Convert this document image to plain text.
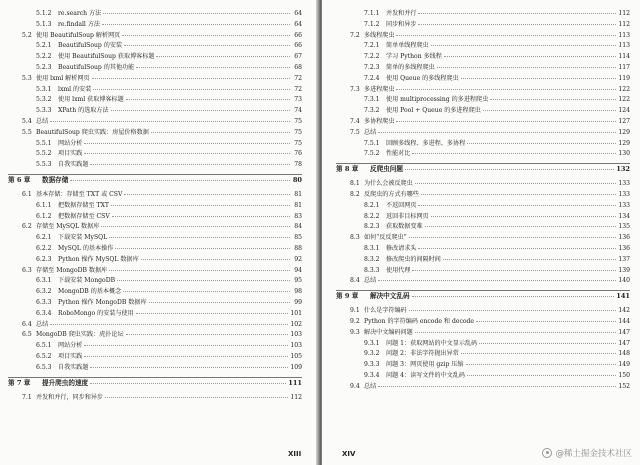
5.1.2	re.search 方法	64
5.1.3	re.findall 方法	64
5.2 使用 BeautifulSoup 解析网页	66
5.2.1	BeautifulSoup 的安装	66
5.2.2	使用 BeautifulSoup 获取博客标题	67
5.2.3	BeautifulSoup 的其他功能	68
5.3 使用 lxml 解析网页	72
5.3.1	lxml 的安装	72
5.3.2	使用 lxml 获取博客标题	73
5.3.3	XPath 的选取方法	74
5.4 总结	75
5.5 BeautifulSoup 爬虫实践：房屋价格数据	75
5.5.1	网站分析	75
5.5.2	项目实践	76
5.5.3	自我实践题	78
第 6 章	数据存储	80
6.1 基本存储：存储至 TXT 或 CSV	81
6.1.1	把数据存储至 TXT	81
6.1.2	把数据存储至 CSV	83
6.2 存储至 MySQL 数据库	84
6.2.1	下载安装 MySQL	85
6.2.2	MySQL 的基本操作	88
6.2.3	Python 操作 MySQL 数据库	92
6.3 存储至 MongoDB 数据库	94
6.3.1	下载安装 MongoDB	95
6.3.2	MongoDB 的基本概念	98
6.3.3	Python 操作 MongoDB 数据库	99
6.3.4	RoboMongo 的安装与使用	101
6.4 总结	102
6.5 MongoDB 爬虫实践：虎扑论坛	103
6.5.1	网站分析	103
6.5.2	项目实践	105
6.5.3	自我实践题	109
第 7 章	提升爬虫的速度	111
7.1 并发和并行，同步和异步	112
XIII
7.1.1	并发和并行	112
7.1.2	同步和异步	112
7.2 多线程爬虫	113
7.2.1	简单单线程爬虫	113
7.2.2	学习 Python 多线程	114
7.2.3	简单的多线程爬虫	117
7.2.4	使用 Queue 的多线程爬虫	119
7.3 多进程爬虫	122
7.3.1	使用 multiprocessing 的多进程爬虫	122
7.3.2	使用 Pool + Queue 的多进程爬虫	124
7.4 多协程爬虫	127
7.5 总结	129
7.5.1	回顾多线程、多进程、多协程	129
7.5.2	性能对比	130
第 8 章	反爬虫问题	132
8.1 为什么会被反爬虫	133
8.2 反爬虫的方式有哪些	133
8.2.1	不返回网页	133
8.2.2	返回非目标网页	134
8.2.3	获取数据变难	135
8.3 如何“反反爬虫”	136
8.3.1	修改请求头	136
8.3.2	修改爬虫的间隔时间	137
8.3.3	使用代理	139
8.4 总结	140
第 9 章	解决中文乱码	141
9.1 什么是字符编码	142
9.2 Python 的字符编码 encode 和 decode	144
9.3 解决中文编码问题	147
9.3.1	问题 1：获取网站的中文显示乱码	147
9.3.2	问题 2：非法字符抛出异常	148
9.3.3	问题 3：网页使用 gzip 压缩	149
9.3.4	问题 4：读写文件的中文乱码	150
9.4 总结	152
XIV	@稀土掘金技术社区
